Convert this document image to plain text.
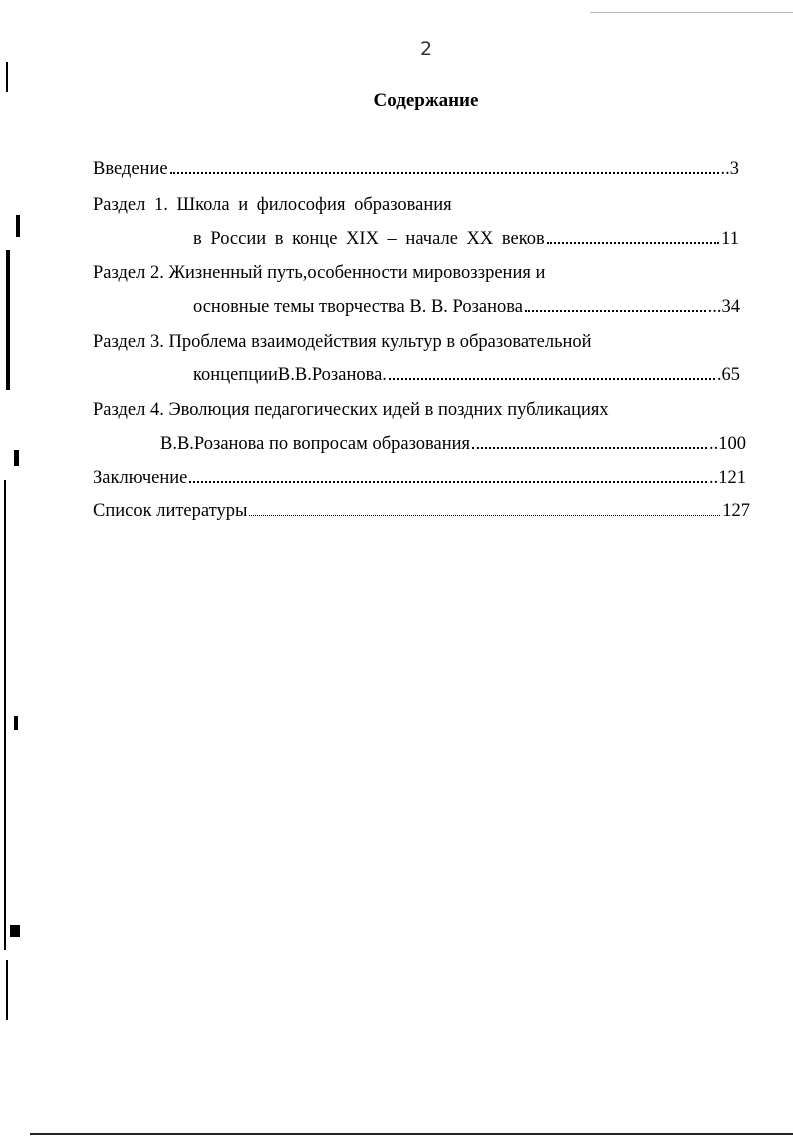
2
Содержание
Введение	..3
Раздел 1. Школа и философия образования
в России в конце XIX – начале XX веков	11
Раздел 2. Жизненный путь,особенности мировоззрения и
основные темы творчества В. В. Розанова	...34
Раздел 3. Проблема взаимодействия культур в образовательной
концепцииВ.В.Розанова.	.65
Раздел 4. Эволюция педагогических идей в поздних публикациях
В.В.Розанова по вопросам образования	..100
Заключение	..121
Список литературы	127
